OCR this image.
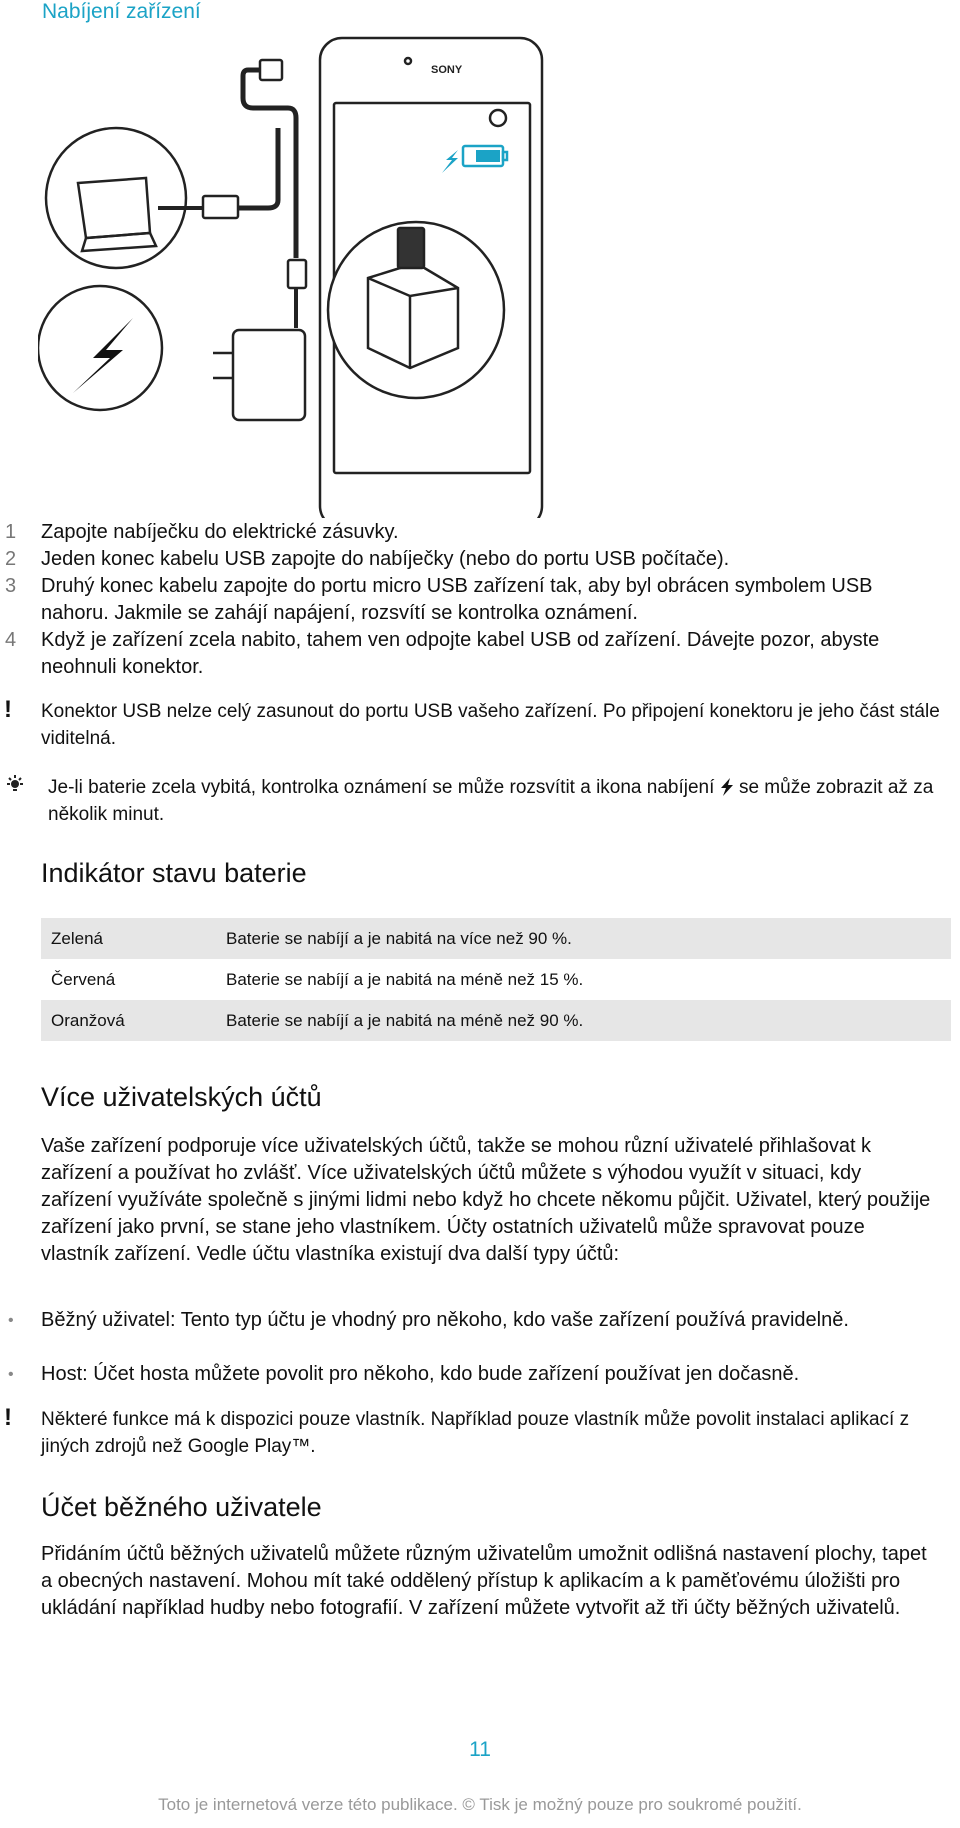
Nabíjení zařízení
SONY
1	Zapojte nabíječku do elektrické zásuvky.
2	Jeden konec kabelu USB zapojte do nabíječky (nebo do portu USB počítače).
3	Druhý konec kabelu zapojte do portu micro USB zařízení tak, aby byl obrácen symbolem USB nahoru. Jakmile se zahájí napájení, rozsvítí se kontrolka oznámení.
4	Když je zařízení zcela nabito, tahem ven odpojte kabel USB od zařízení. Dávejte pozor, abyste neohnuli konektor.
! Konektor USB nelze celý zasunout do portu USB vašeho zařízení. Po připojení konektoru je jeho část stále viditelná.
Je-li baterie zcela vybitá, kontrolka oznámení se může rozsvítit a ikona nabíjení se může zobrazit až za několik minut.
Indikátor stavu baterie
Zelená	Baterie se nabíjí a je nabitá na více než 90 %.
Červená	Baterie se nabíjí a je nabitá na méně než 15 %.
Oranžová	Baterie se nabíjí a je nabitá na méně než 90 %.
Více uživatelských účtů
Vaše zařízení podporuje více uživatelských účtů, takže se mohou různí uživatelé přihlašovat k zařízení a používat ho zvlášť. Více uživatelských účtů můžete s výhodou využít v situaci, kdy zařízení využíváte společně s jinými lidmi nebo když ho chcete někomu půjčit. Uživatel, který použije zařízení jako první, se stane jeho vlastníkem. Účty ostatních uživatelů může spravovat pouze vlastník zařízení. Vedle účtu vlastníka existují dva další typy účtů:
• Běžný uživatel: Tento typ účtu je vhodný pro někoho, kdo vaše zařízení používá pravidelně.
• Host: Účet hosta můžete povolit pro někoho, kdo bude zařízení používat jen dočasně.
! Některé funkce má k dispozici pouze vlastník. Například pouze vlastník může povolit instalaci aplikací z jiných zdrojů než Google Play™.
Účet běžného uživatele
Přidáním účtů běžných uživatelů můžete různým uživatelům umožnit odlišná nastavení plochy, tapet a obecných nastavení. Mohou mít také oddělený přístup k aplikacím a k paměťovému úložišti pro ukládání například hudby nebo fotografií. V zařízení můžete vytvořit až tři účty běžných uživatelů.
11
Toto je internetová verze této publikace. © Tisk je možný pouze pro soukromé použití.
